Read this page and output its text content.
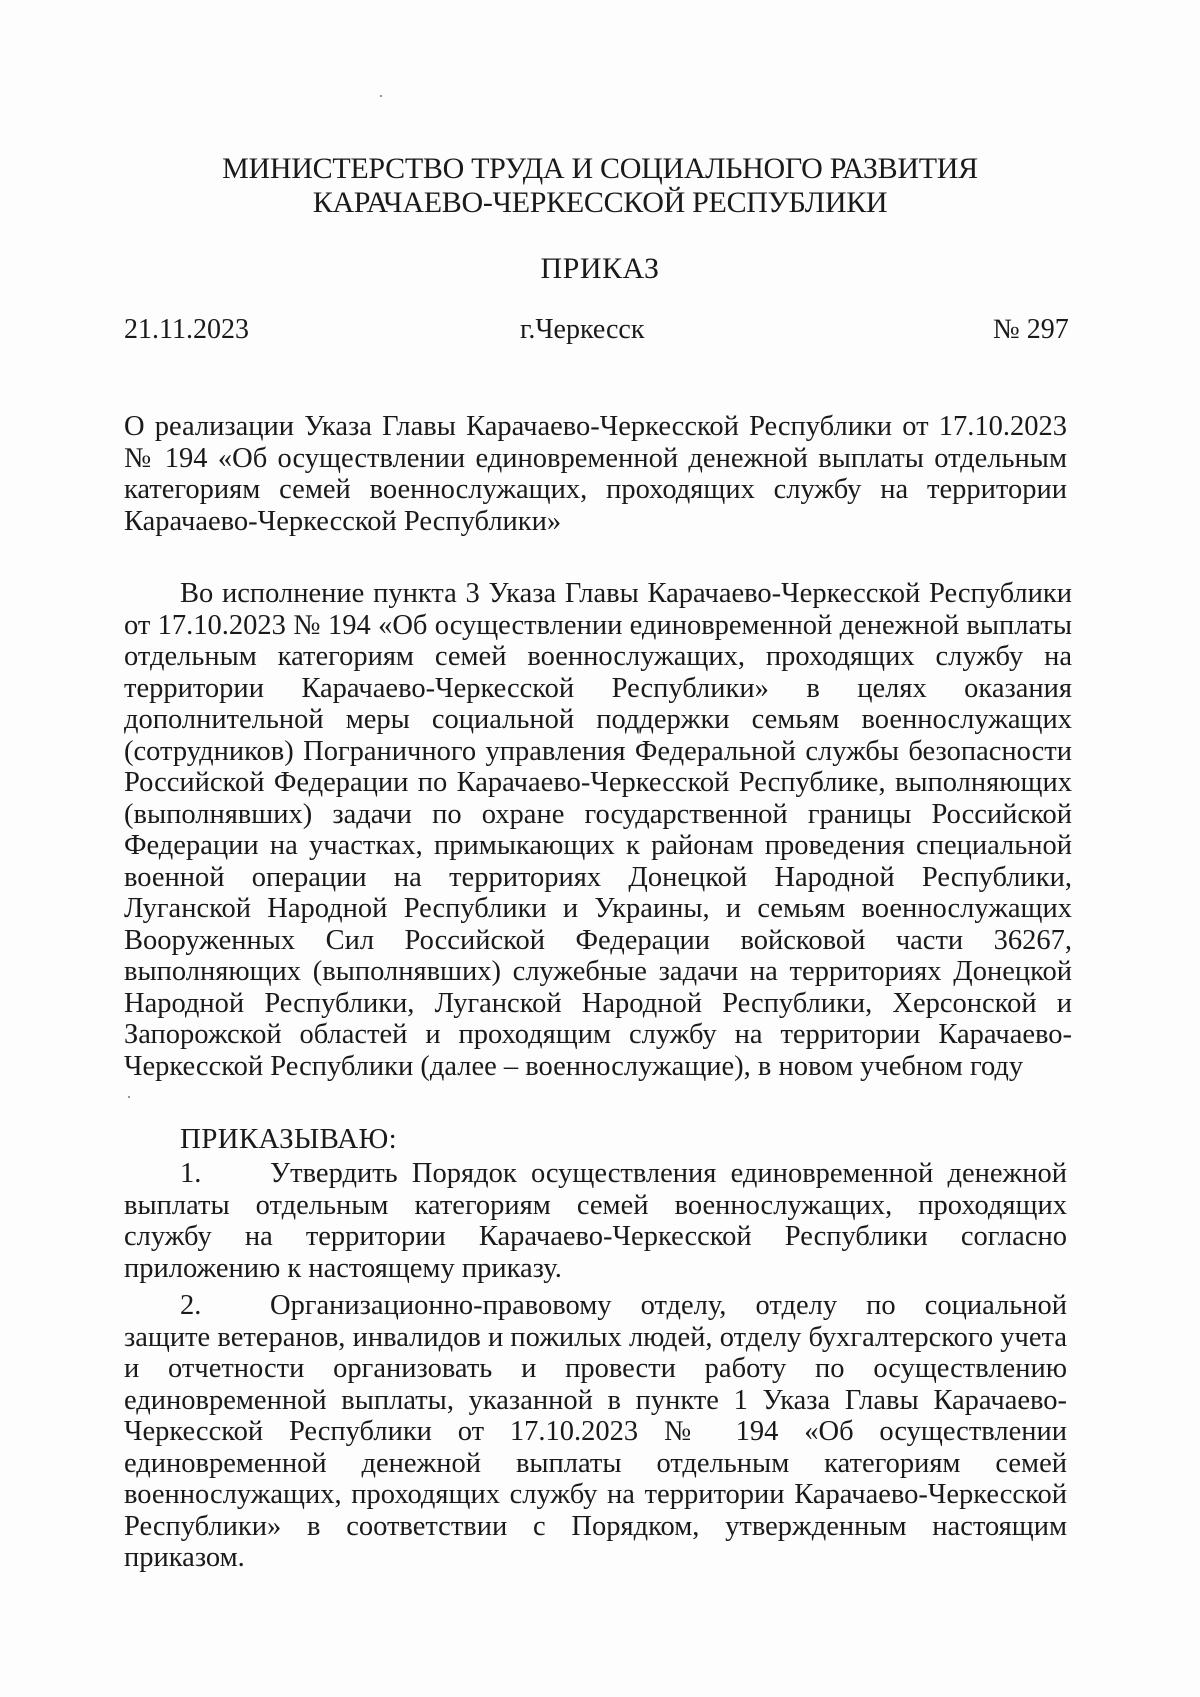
МИНИСТЕРСТВО ТРУДА И СОЦИАЛЬНОГО РАЗВИТИЯ
КАРАЧАЕВО-ЧЕРКЕССКОЙ РЕСПУБЛИКИ
ПРИКАЗ
21.11.2023	г.Черкесск	№ 297
О реализации Указа Главы Карачаево-Черкесской Республики от 17.10.2023 № 194 «Об осуществлении единовременной денежной выплаты отдельным категориям семей военнослужащих, проходящих службу на территории Карачаево-Черкесской Республики»
Во исполнение пункта 3 Указа Главы Карачаево-Черкесской Республики от 17.10.2023 № 194 «Об осуществлении единовременной денежной выплаты отдельным категориям семей военнослужащих, проходящих службу на территории Карачаево-Черкесской Республики» в целях оказания дополнительной меры социальной поддержки семьям военнослужащих (сотрудников) Пограничного управления Федеральной службы безопасности Российской Федерации по Карачаево-Черкесской Республике, выполняющих (выполнявших) задачи по охране государственной границы Российской Федерации на участках, примыкающих к районам проведения специальной военной операции на территориях Донецкой Народной Республики, Луганской Народной Республики и Украины, и семьям военнослужащих Вооруженных Сил Российской Федерации войсковой части 36267, выполняющих (выполнявших) служебные задачи на территориях Донецкой Народной Республики, Луганской Народной Республики, Херсонской и Запорожской областей и проходящим службу на территории Карачаево-Черкесской Республики (далее – военнослужащие), в новом учебном году
ПРИКАЗЫВАЮ:
1. Утвердить Порядок осуществления единовременной денежной выплаты отдельным категориям семей военнослужащих, проходящих службу на территории Карачаево-Черкесской Республики согласно приложению к настоящему приказу.
2. Организационно-правовому отделу, отделу по социальной защите ветеранов, инвалидов и пожилых людей, отделу бухгалтерского учета и отчетности организовать и провести работу по осуществлению единовременной выплаты, указанной в пункте 1 Указа Главы Карачаево-Черкесской Республики от 17.10.2023 № 194 «Об осуществлении единовременной денежной выплаты отдельным категориям семей военнослужащих, проходящих службу на территории Карачаево-Черкесской Республики» в соответствии с Порядком, утвержденным настоящим приказом.
